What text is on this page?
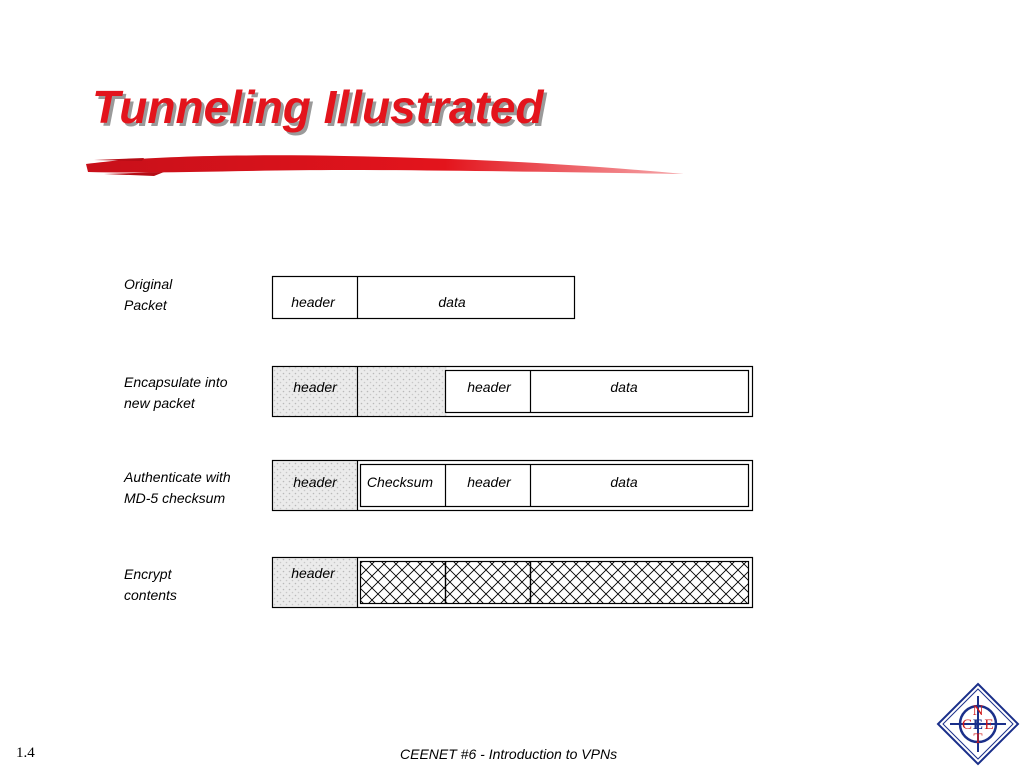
Tunneling Illustrated
Original
Packet
Encapsulate into
new packet
Authenticate with
MD-5 checksum
Encrypt
contents
header	data
header	header	data
header Checksum header	data
header
1.4	CEENET #6 - Introduction to VPNs
N
C E E
T
